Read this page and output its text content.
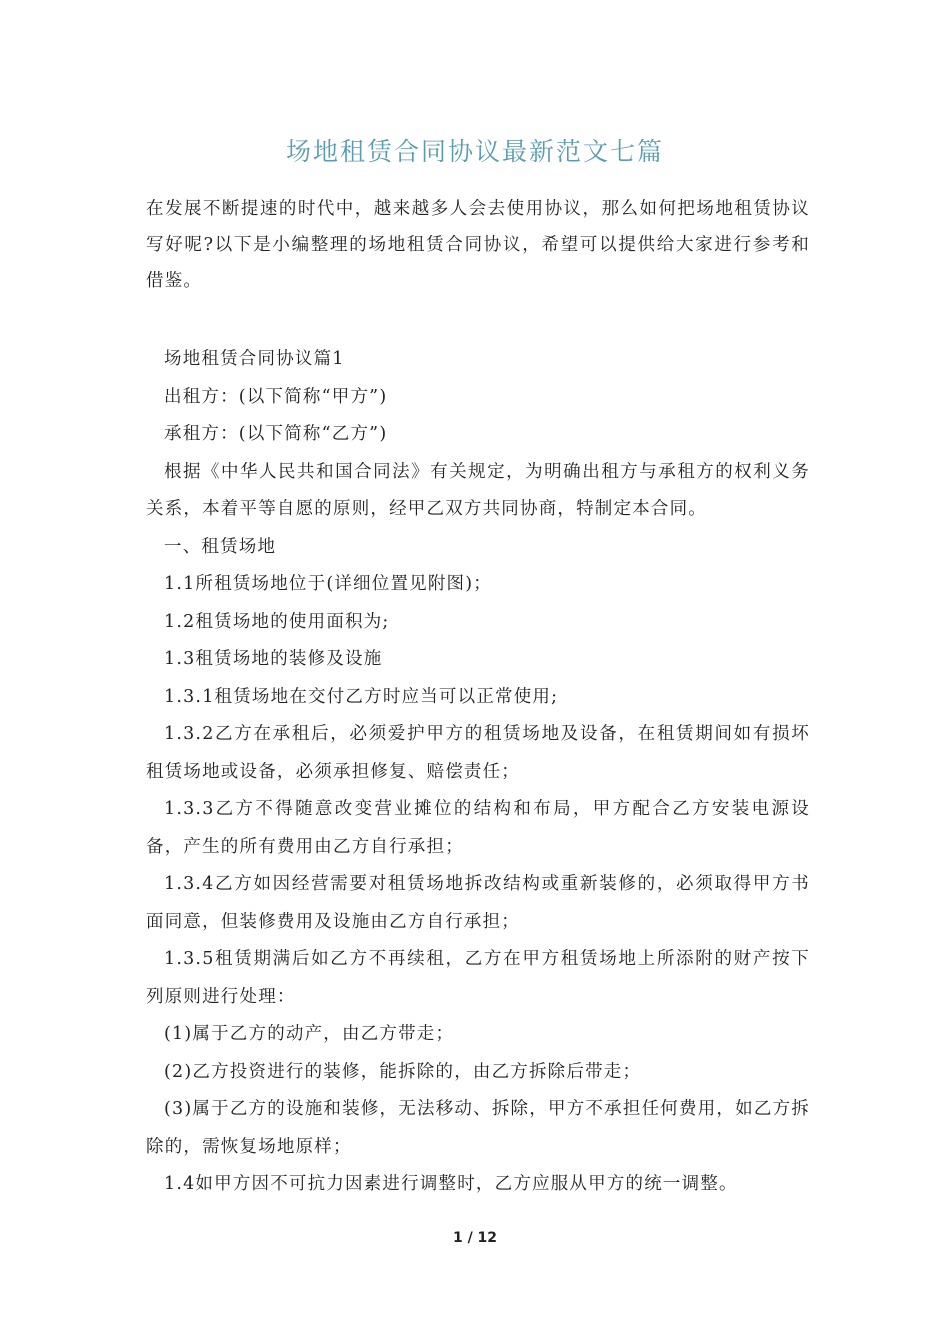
场地租赁合同协议最新范文七篇

在发展不断提速的时代中，越来越多人会去使用协议，那么如何把场地租赁协议写好呢?以下是小编整理的场地租赁合同协议，希望可以提供给大家进行参考和借鉴。

场地租赁合同协议篇1

出租方：(以下简称“甲方”)

承租方：(以下简称“乙方”)

根据《中华人民共和国合同法》有关规定，为明确出租方与承租方的权利义务关系，本着平等自愿的原则，经甲乙双方共同协商，特制定本合同。

一、租赁场地

1.1所租赁场地位于(详细位置见附图)；

1.2租赁场地的使用面积为;

1.3租赁场地的装修及设施

1.3.1租赁场地在交付乙方时应当可以正常使用;

1.3.2乙方在承租后，必须爱护甲方的租赁场地及设备，在租赁期间如有损坏租赁场地或设备，必须承担修复、赔偿责任；

1.3.3乙方不得随意改变营业摊位的结构和布局，甲方配合乙方安装电源设备，产生的所有费用由乙方自行承担；

1.3.4乙方如因经营需要对租赁场地拆改结构或重新装修的，必须取得甲方书面同意，但装修费用及设施由乙方自行承担；

1.3.5租赁期满后如乙方不再续租，乙方在甲方租赁场地上所添附的财产按下列原则进行处理：

(1)属于乙方的动产，由乙方带走；

(2)乙方投资进行的装修，能拆除的，由乙方拆除后带走；

(3)属于乙方的设施和装修，无法移动、拆除，甲方不承担任何费用，如乙方拆除的，需恢复场地原样；

1.4如甲方因不可抗力因素进行调整时，乙方应服从甲方的统一调整。

1 / 12
